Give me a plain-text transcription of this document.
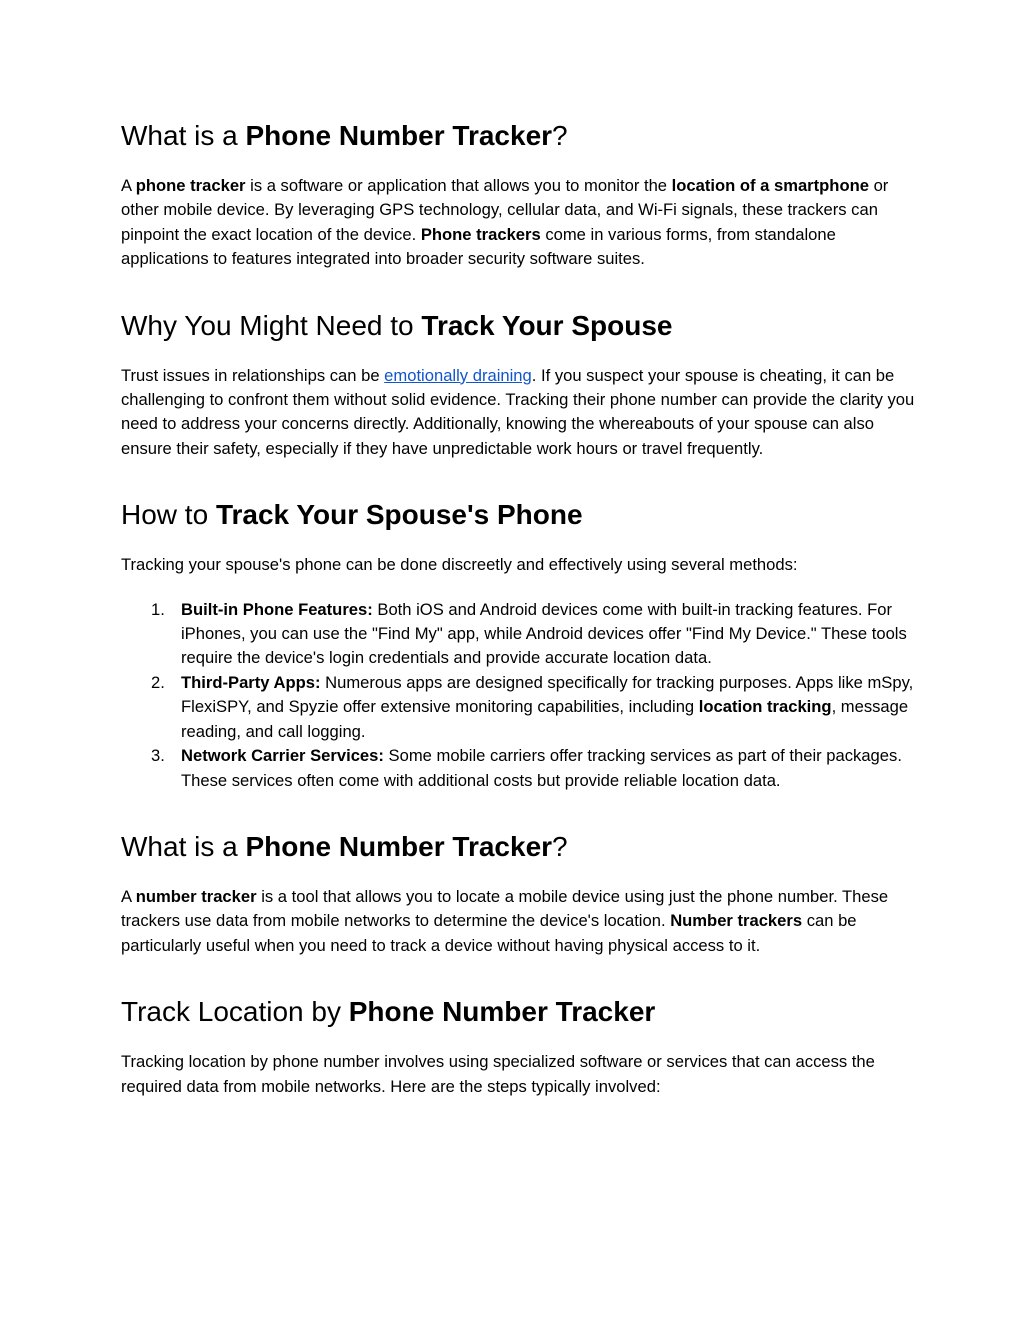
What is a Phone Number Tracker?

A phone tracker is a software or application that allows you to monitor the location of a smartphone or other mobile device. By leveraging GPS technology, cellular data, and Wi-Fi signals, these trackers can pinpoint the exact location of the device. Phone trackers come in various forms, from standalone applications to features integrated into broader security software suites.

Why You Might Need to Track Your Spouse

Trust issues in relationships can be emotionally draining. If you suspect your spouse is cheating, it can be challenging to confront them without solid evidence. Tracking their phone number can provide the clarity you need to address your concerns directly. Additionally, knowing the whereabouts of your spouse can also ensure their safety, especially if they have unpredictable work hours or travel frequently.

How to Track Your Spouse's Phone

Tracking your spouse's phone can be done discreetly and effectively using several methods:

1. Built-in Phone Features: Both iOS and Android devices come with built-in tracking features. For iPhones, you can use the "Find My" app, while Android devices offer "Find My Device." These tools require the device's login credentials and provide accurate location data.
2. Third-Party Apps: Numerous apps are designed specifically for tracking purposes. Apps like mSpy, FlexiSPY, and Spyzie offer extensive monitoring capabilities, including location tracking, message reading, and call logging.
3. Network Carrier Services: Some mobile carriers offer tracking services as part of their packages. These services often come with additional costs but provide reliable location data.
What is a Phone Number Tracker?

A number tracker is a tool that allows you to locate a mobile device using just the phone number. These trackers use data from mobile networks to determine the device's location. Number trackers can be particularly useful when you need to track a device without having physical access to it.

Track Location by Phone Number Tracker

Tracking location by phone number involves using specialized software or services that can access the required data from mobile networks. Here are the steps typically involved:
